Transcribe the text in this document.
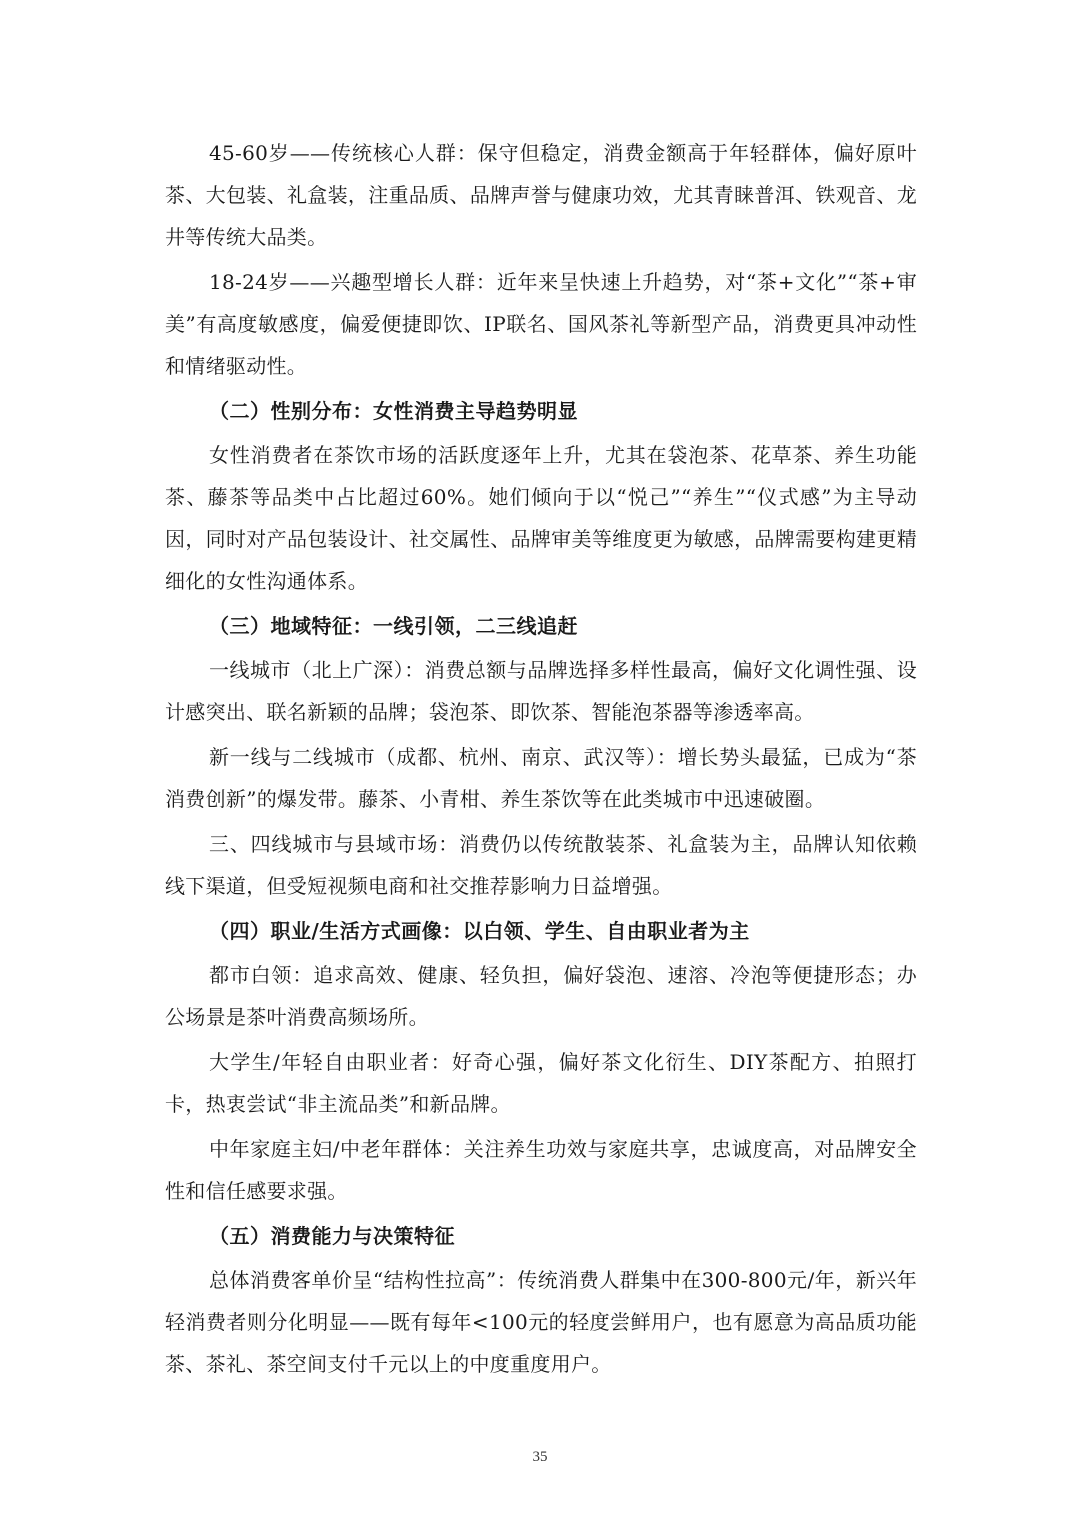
45-60岁——传统核心人群：保守但稳定，消费金额高于年轻群体，偏好原叶茶、大包装、礼盒装，注重品质、品牌声誉与健康功效，尤其青睐普洱、铁观音、龙井等传统大品类。

18-24岁——兴趣型增长人群：近年来呈快速上升趋势，对“茶+文化”“茶+审美”有高度敏感度，偏爱便捷即饮、IP联名、国风茶礼等新型产品，消费更具冲动性和情绪驱动性。

（二）性别分布：女性消费主导趋势明显

女性消费者在茶饮市场的活跃度逐年上升，尤其在袋泡茶、花草茶、养生功能茶、藤茶等品类中占比超过60%。她们倾向于以“悦己”“养生”“仪式感”为主导动因，同时对产品包装设计、社交属性、品牌审美等维度更为敏感，品牌需要构建更精细化的女性沟通体系。

（三）地域特征：一线引领，二三线追赶

一线城市（北上广深）：消费总额与品牌选择多样性最高，偏好文化调性强、设计感突出、联名新颖的品牌；袋泡茶、即饮茶、智能泡茶器等渗透率高。

新一线与二线城市（成都、杭州、南京、武汉等）：增长势头最猛，已成为“茶消费创新”的爆发带。藤茶、小青柑、养生茶饮等在此类城市中迅速破圈。

三、四线城市与县域市场：消费仍以传统散装茶、礼盒装为主，品牌认知依赖线下渠道，但受短视频电商和社交推荐影响力日益增强。

（四）职业/生活方式画像：以白领、学生、自由职业者为主

都市白领：追求高效、健康、轻负担，偏好袋泡、速溶、冷泡等便捷形态；办公场景是茶叶消费高频场所。

大学生/年轻自由职业者：好奇心强，偏好茶文化衍生、DIY茶配方、拍照打卡，热衷尝试“非主流品类”和新品牌。

中年家庭主妇/中老年群体：关注养生功效与家庭共享，忠诚度高，对品牌安全性和信任感要求强。

（五）消费能力与决策特征

总体消费客单价呈“结构性拉高”：传统消费人群集中在300-800元/年，新兴年轻消费者则分化明显——既有每年<100元的轻度尝鲜用户，也有愿意为高品质功能茶、茶礼、茶空间支付千元以上的中度重度用户。

35
